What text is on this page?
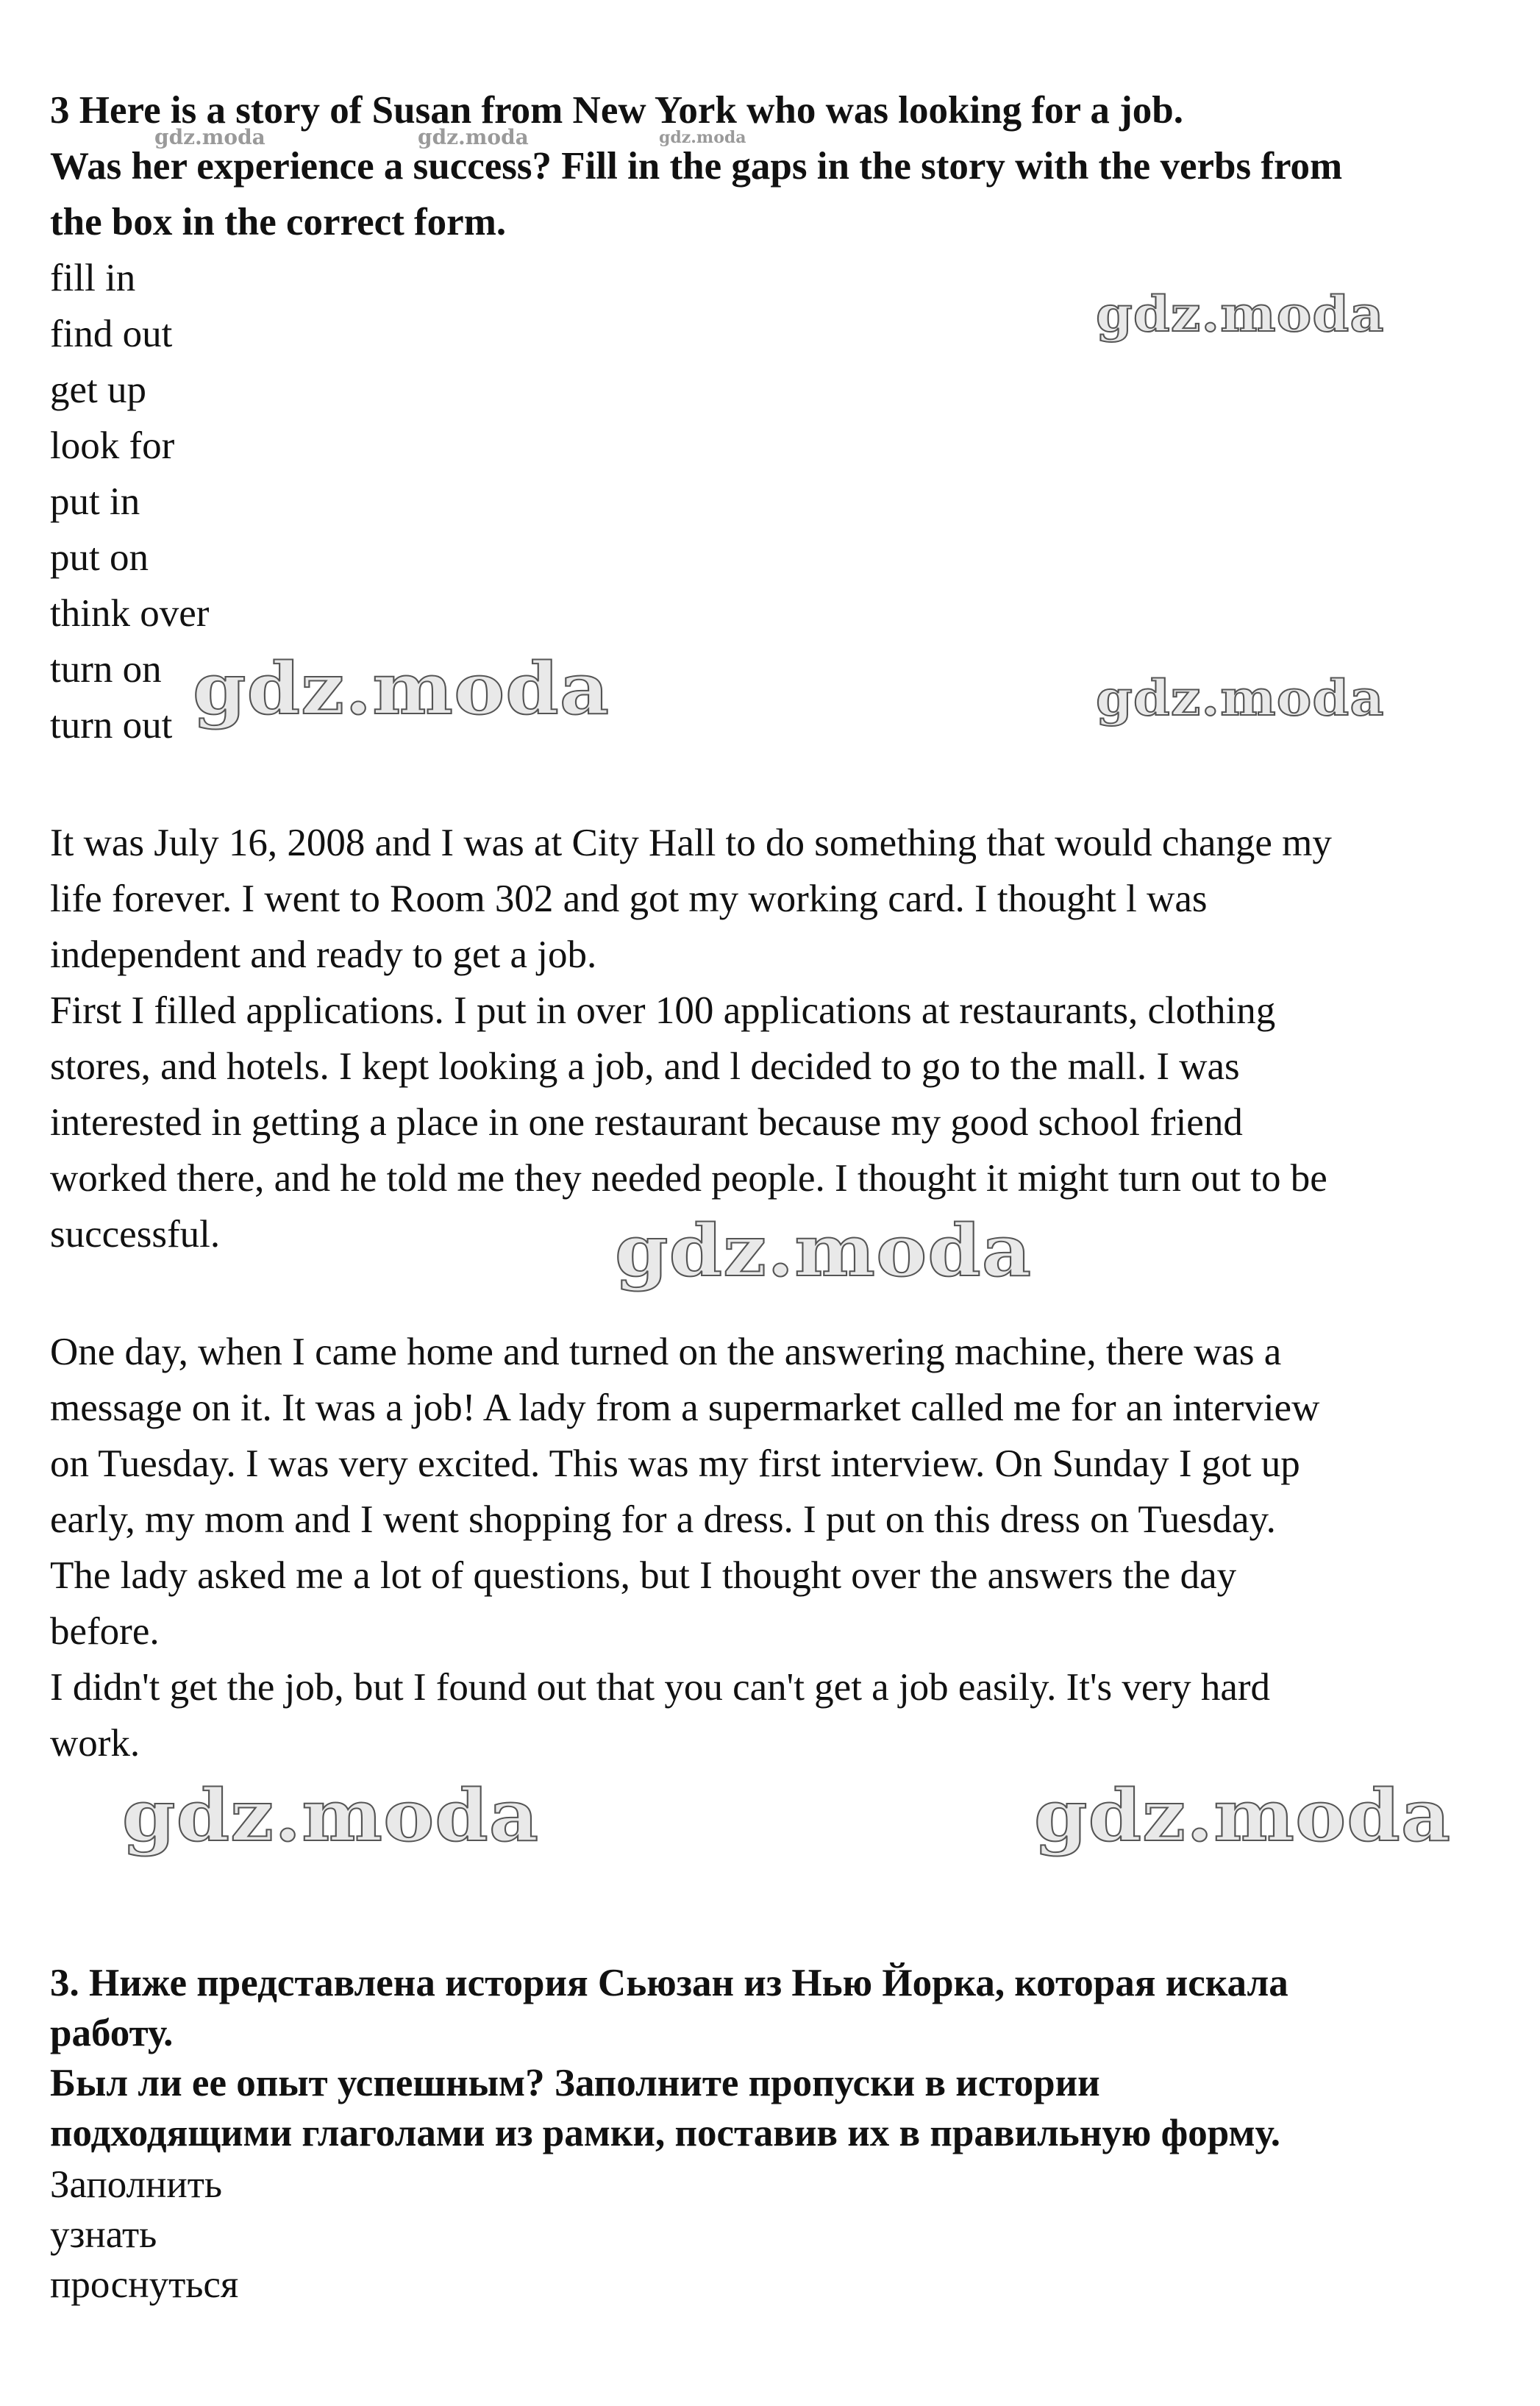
3 Here is a story of Susan from New York who was looking for a job.
Was her experience a success? Fill in the gaps in the story with the verbs from
the box in the correct form.
fill in
find out
get up
look for
put in
put on
think over
turn on
turn out
It was July 16, 2008 and I was at City Hall to do something that would change my
life forever. I went to Room 302 and got my working card. I thought l was
independent and ready to get a job.
First I filled applications. I put in over 100 applications at restaurants, clothing
stores, and hotels. I kept looking a job, and l decided to go to the mall. I was
interested in getting a place in one restaurant because my good school friend
worked there, and he told me they needed people. I thought it might turn out to be
successful.
One day, when I came home and turned on the answering machine, there was a
message on it. It was a job! A lady from a supermarket called me for an interview
on Tuesday. I was very excited. This was my first interview. On Sunday I got up
early, my mom and I went shopping for a dress. I put on this dress on Tuesday.
The lady asked me a lot of questions, but I thought over the answers the day
before.
I didn't get the job, but I found out that you can't get a job easily. It's very hard
work.
3. Ниже представлена история Сьюзан из Нью Йорка, которая искала
работу.
Был ли ее опыт успешным? Заполните пропуски в истории
подходящими глаголами из рамки, поставив их в правильную форму.
Заполнить
узнать
проснуться
gdz.moda	gdz.moda	gdz.moda
gdz.moda
gdz.moda	gdz.moda
gdz.moda
gdz.moda	gdz.moda
